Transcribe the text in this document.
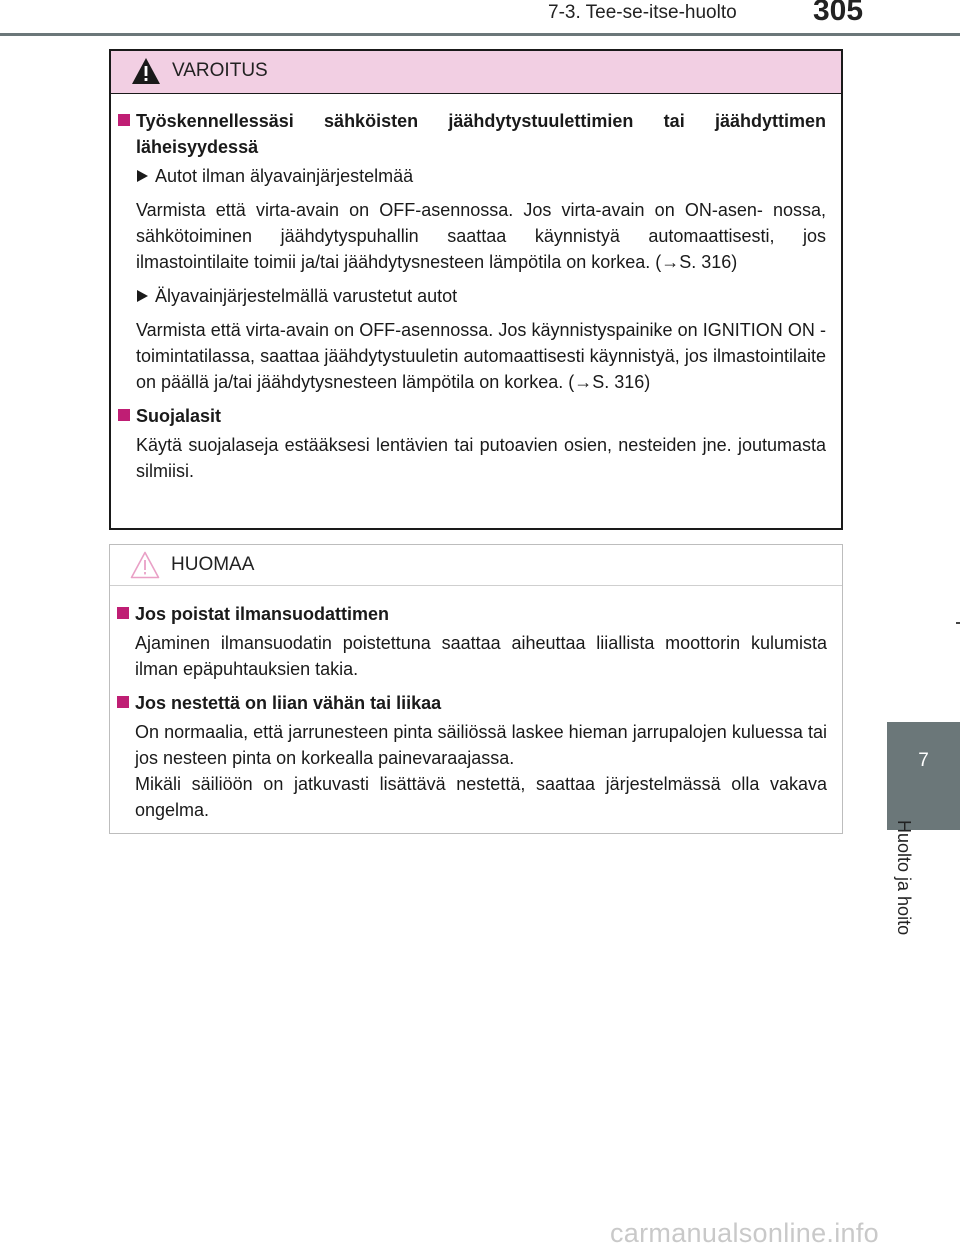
7-3. Tee-se-itse-huolto	305
7
Huolto ja hoito
VAROITUS
Työskennellessäsi sähköisten jäähdytystuulettimien tai jäähdyttimen läheisyydessä
Autot ilman älyavainjärjestelmää
Varmista että virta-avain on OFF-asennossa. Jos virta-avain on ON-asen- nossa, sähkötoiminen jäähdytyspuhallin saattaa käynnistyä automaattisesti, jos ilmastointilaite toimii ja/tai jäähdytysnesteen lämpötila on korkea. (→S. 316)
Älyavainjärjestelmällä varustetut autot
Varmista että virta-avain on OFF-asennossa. Jos käynnistyspainike on IGNITION ON -toimintatilassa, saattaa jäähdytystuuletin automaattisesti käynnistyä, jos ilmastointilaite on päällä ja/tai jäähdytysnesteen lämpötila on korkea. (→S. 316)
Suojalasit
Käytä suojalaseja estääksesi lentävien tai putoavien osien, nesteiden jne. joutumasta silmiisi.
HUOMAA
Jos poistat ilmansuodattimen
Ajaminen ilmansuodatin poistettuna saattaa aiheuttaa liiallista moottorin kulumista ilman epäpuhtauksien takia.
Jos nestettä on liian vähän tai liikaa
On normaalia, että jarrunesteen pinta säiliössä laskee hieman jarrupalojen kuluessa tai jos nesteen pinta on korkealla painevaraajassa.
Mikäli säiliöön on jatkuvasti lisättävä nestettä, saattaa järjestelmässä olla vakava ongelma.
carmanualsonline.info
